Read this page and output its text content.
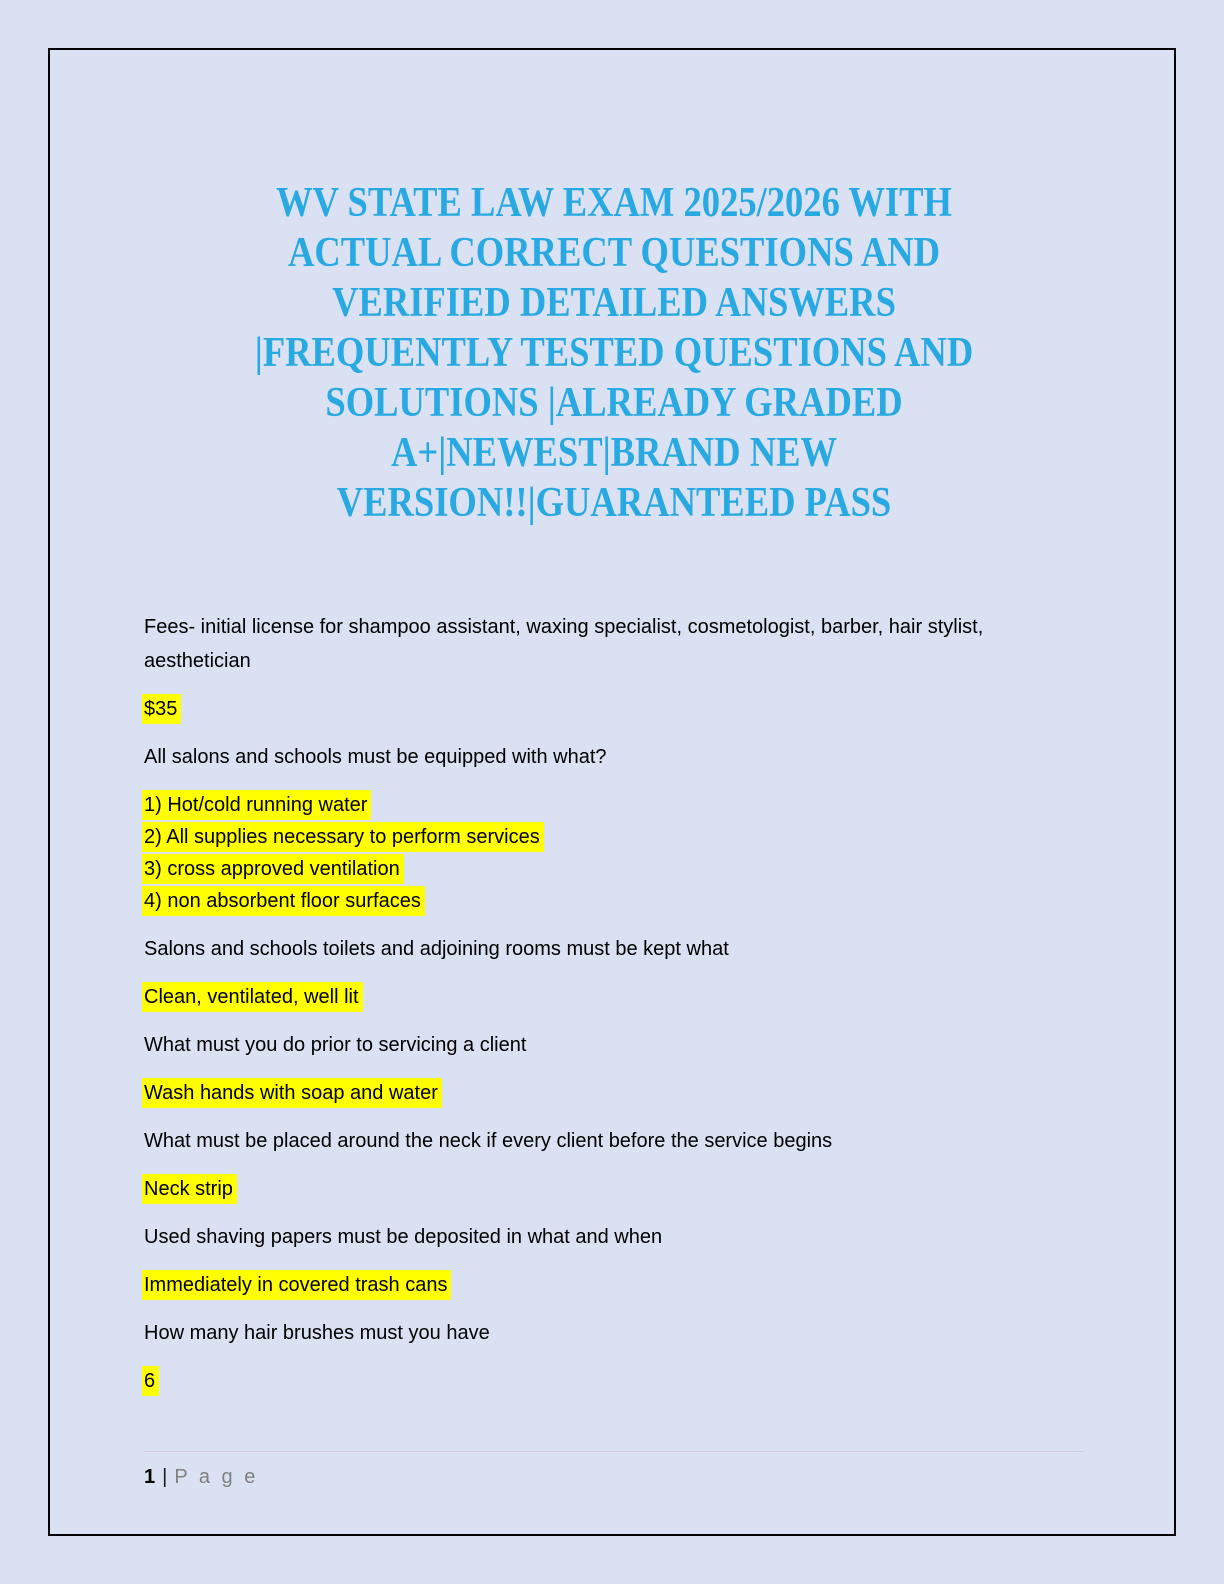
WV STATE LAW EXAM 2025/2026 WITH
ACTUAL CORRECT QUESTIONS AND
VERIFIED DETAILED ANSWERS
|FREQUENTLY TESTED QUESTIONS AND
SOLUTIONS |ALREADY GRADED
A+|NEWEST|BRAND NEW
VERSION!!|GUARANTEED PASS

Fees- initial license for shampoo assistant, waxing specialist, cosmetologist, barber, hair stylist, aesthetician

$35

All salons and schools must be equipped with what?

1) Hot/cold running water
2) All supplies necessary to perform services
3) cross approved ventilation
4) non absorbent floor surfaces

Salons and schools toilets and adjoining rooms must be kept what

Clean, ventilated, well lit

What must you do prior to servicing a client

Wash hands with soap and water

What must be placed around the neck if every client before the service begins

Neck strip

Used shaving papers must be deposited in what and when

Immediately in covered trash cans

How many hair brushes must you have

6

1 | P a g e
